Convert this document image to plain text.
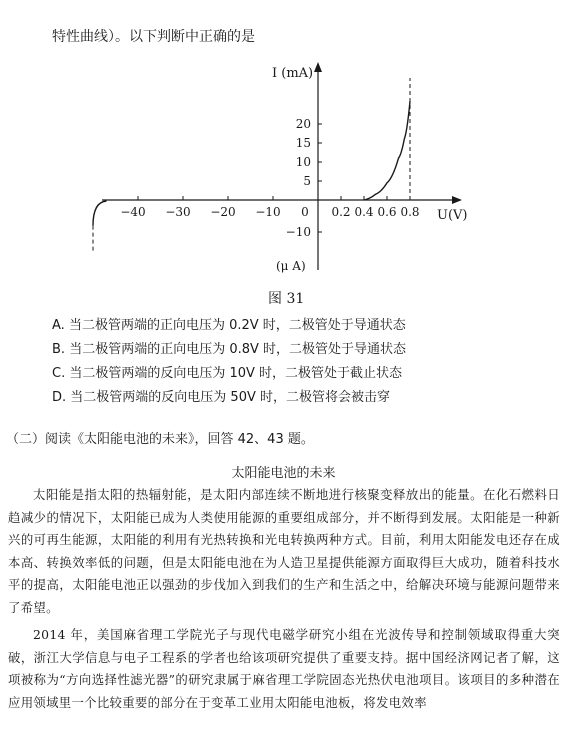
特性曲线）。以下判断中正确的是
I (mA)
U(V)
(μ A)
0
−40 −30 −20 −10	0.2 0.4 0.6 0.8
5
10
15
20
−10
图 31
A. 当二极管两端的正向电压为 0.2V 时，二极管处于导通状态
B. 当二极管两端的正向电压为 0.8V 时，二极管处于导通状态
C. 当二极管两端的反向电压为 10V 时，二极管处于截止状态
D. 当二极管两端的反向电压为 50V 时，二极管将会被击穿
（二）阅读《太阳能电池的未来》，回答 42、43 题。
太阳能电池的未来
太阳能是指太阳的热辐射能，是太阳内部连续不断地进行核聚变释放出的能量。在化石燃料日趋减少的情况下，太阳能已成为人类使用能源的重要组成部分，并不断得到发展。太阳能是一种新兴的可再生能源，太阳能的利用有光热转换和光电转换两种方式。目前，利用太阳能发电还存在成本高、转换效率低的问题，但是太阳能电池在为人造卫星提供能源方面取得巨大成功，随着科技水平的提高，太阳能电池正以强劲的步伐加入到我们的生产和生活之中，给解决环境与能源问题带来了希望。
2014 年，美国麻省理工学院光子与现代电磁学研究小组在光波传导和控制领域取得重大突破，浙江大学信息与电子工程系的学者也给该项研究提供了重要支持。据中国经济网记者了解，这项被称为“方向选择性滤光器”的研究隶属于麻省理工学院固态光热伏电池项目。该项目的多种潜在应用领域里一个比较重要的部分在于变革工业用太阳能电池板，将发电效率
